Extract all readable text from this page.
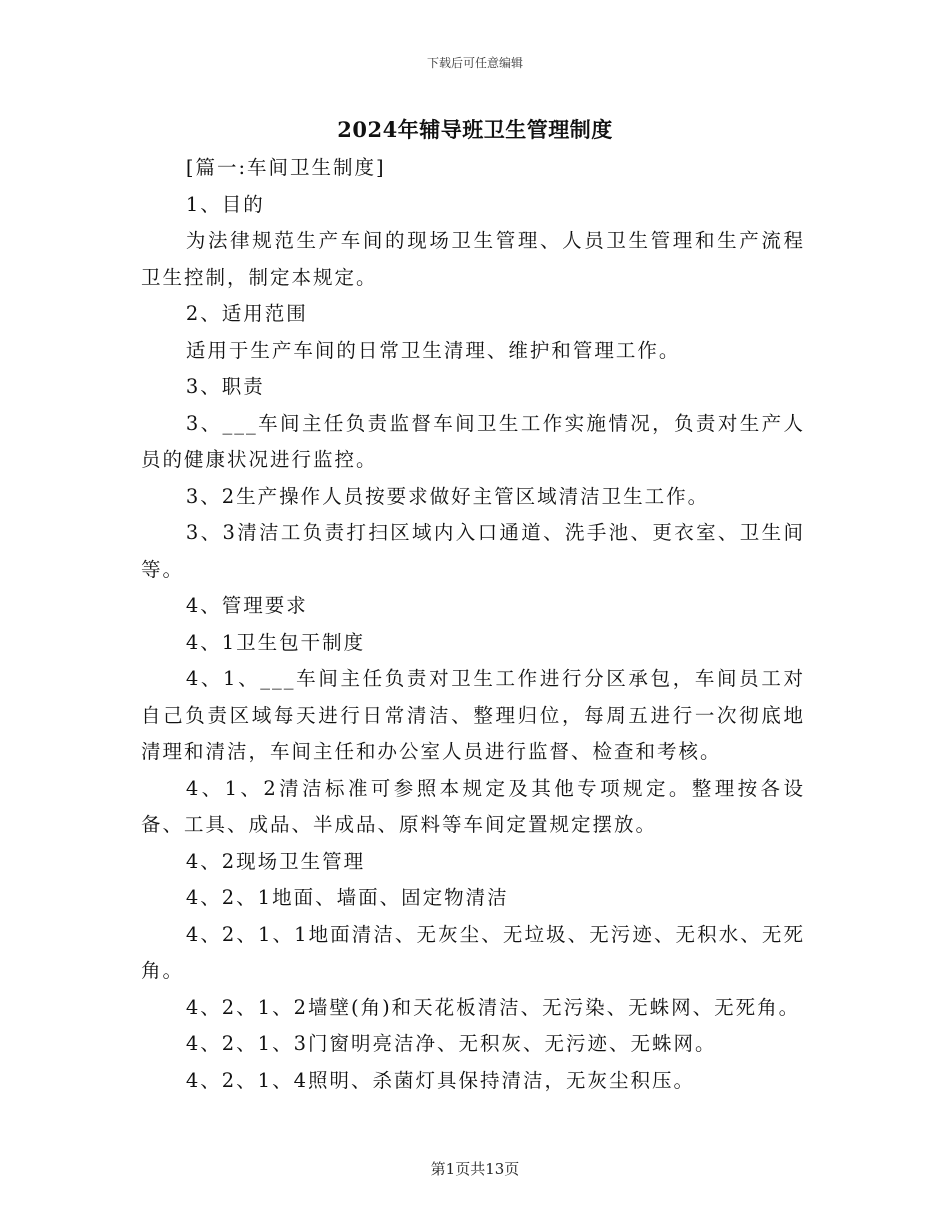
下载后可任意编辑
2024年辅导班卫生管理制度

[篇一:车间卫生制度]

1、目的

为法律规范生产车间的现场卫生管理、人员卫生管理和生产流程卫生控制，制定本规定。

2、适用范围

适用于生产车间的日常卫生清理、维护和管理工作。

3、职责

3、___车间主任负责监督车间卫生工作实施情况，负责对生产人员的健康状况进行监控。

3、2生产操作人员按要求做好主管区域清洁卫生工作。

3、3清洁工负责打扫区域内入口通道、洗手池、更衣室、卫生间等。

4、管理要求

4、1卫生包干制度

4、1、___车间主任负责对卫生工作进行分区承包，车间员工对自己负责区域每天进行日常清洁、整理归位，每周五进行一次彻底地清理和清洁，车间主任和办公室人员进行监督、检查和考核。

4、1、2清洁标准可参照本规定及其他专项规定。整理按各设备、工具、成品、半成品、原料等车间定置规定摆放。

4、2现场卫生管理

4、2、1地面、墙面、固定物清洁

4、2、1、1地面清洁、无灰尘、无垃圾、无污迹、无积水、无死角。

4、2、1、2墙壁(角)和天花板清洁、无污染、无蛛网、无死角。

4、2、1、3门窗明亮洁净、无积灰、无污迹、无蛛网。

4、2、1、4照明、杀菌灯具保持清洁，无灰尘积压。

第1页共13页
